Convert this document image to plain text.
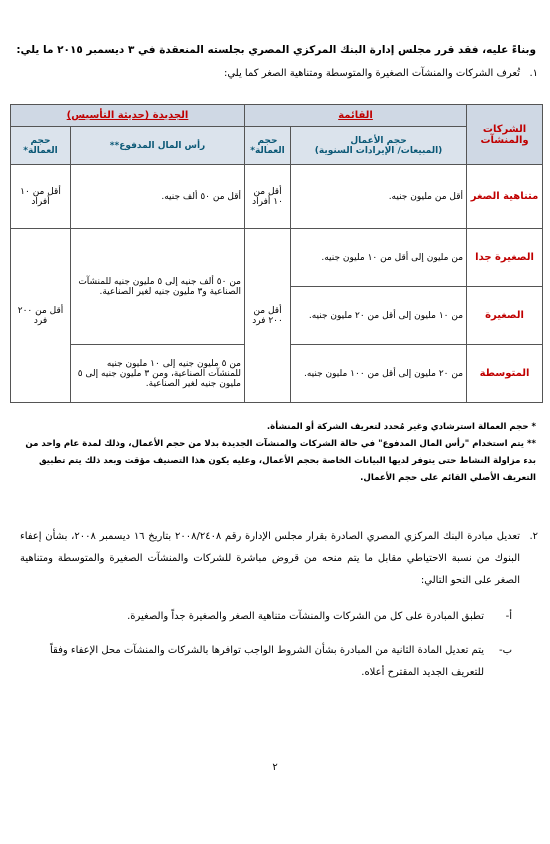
وبناءً عليه، فقد قرر مجلس إدارة البنك المركزي المصري بجلسته المنعقدة في ٣ ديسمبر ٢٠١٥ ما يلي:
١.
تُعرف الشركات والمنشآت الصغيرة والمتوسطة ومتناهية الصغر كما يلي:
الشركات والمنشآت	القائمة		الجديدة (حديثة التأسيس)	
	حجم الأعمال
(المبيعات/ الإيرادات السنوية)	حجم العمالة*	رأس المال المدفوع**	حجم العمالة*
متناهية الصغر	أقل من مليون جنيه.	أقل من ١٠ أفراد	أقل من ٥٠ ألف جنيه.	أقل من ١٠ أفراد
الصغيرة جدا	من مليون إلى أقل من ١٠ مليون جنيه.	أقل من ٢٠٠ فرد	من ٥٠ ألف جنيه إلى ٥ مليون جنيه للمنشآت الصناعية و٣ مليون جنيه لغير الصناعية.	أقل من ٢٠٠ فرد
الصغيرة	من ١٠ مليون إلى أقل من ٢٠ مليون جنيه.			
المتوسطة	من ٢٠ مليون إلى أقل من ١٠٠ مليون جنيه.		من ٥ مليون جنيه إلى ١٠ مليون جنيه للمنشآت الصناعية، ومن ٣ مليون جنيه إلى ٥ مليون جنيه لغير الصناعية.	

* حجم العمالة استرشادي وغير مُحدد لتعريف الشركة أو المنشأة.

** يتم استخدام "رأس المال المدفوع" في حالة الشركات والمنشآت الجديدة بدلا من حجم الأعمال، وذلك لمدة عام واحد من بدء مزاولة النشاط حتى يتوفر لديها البيانات الخاصة بحجم الأعمال، وعليه يكون هذا التصنيف مؤقت وبعد ذلك يتم تطبيق التعريف الأصلي القائم على حجم الأعمال.

٢.
تعديل مبادرة البنك المركزي المصري الصادرة بقرار مجلس الإدارة رقم ٢٠٠٨/٢٤٠٨ بتاريخ ١٦ ديسمبر ٢٠٠٨، بشأن إعفاء البنوك من نسبة الاحتياطي مقابل ما يتم منحه من قروض مباشرة للشركات والمنشآت الصغيرة والمتوسطة ومتناهية الصغر على النحو التالي:
أ-
تطبق المبادرة على كل من الشركات والمنشآت متناهية الصغر والصغيرة جداً والصغيرة.
ب-
يتم تعديل المادة الثانية من المبادرة بشأن الشروط الواجب توافرها بالشركات والمنشآت محل الإعفاء وفقاً للتعريف الجديد المقترح أعلاه.
٢
